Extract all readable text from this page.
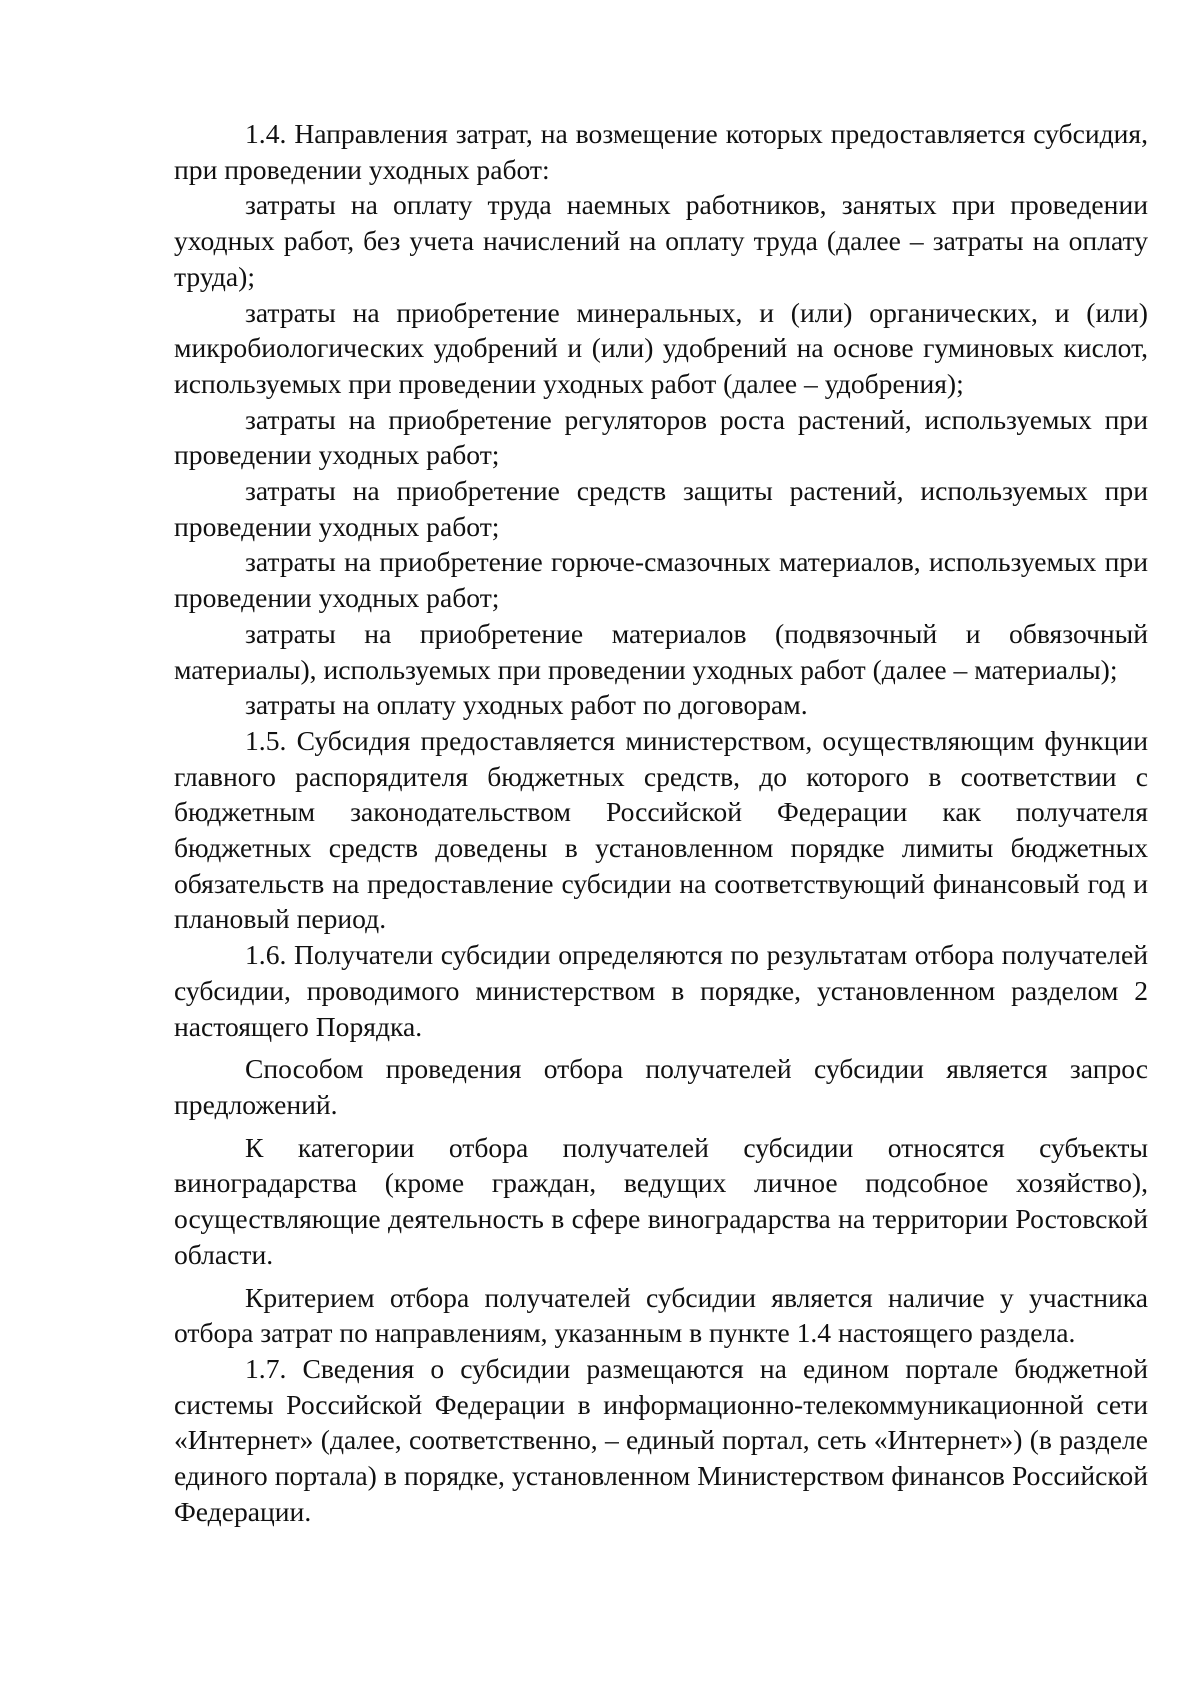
1.4. Направления затрат, на возмещение которых предоставляется субсидия, при проведении уходных работ:

затраты на оплату труда наемных работников, занятых при проведении уходных работ, без учета начислений на оплату труда (далее – затраты на оплату труда);

затраты на приобретение минеральных, и (или) органических, и (или) микробиологических удобрений и (или) удобрений на основе гуминовых кислот, используемых при проведении уходных работ (далее – удобрения);

затраты на приобретение регуляторов роста растений, используемых при проведении уходных работ;

затраты на приобретение средств защиты растений, используемых при проведении уходных работ;

затраты на приобретение горюче-смазочных материалов, используемых при проведении уходных работ;

затраты на приобретение материалов (подвязочный и обвязочный материалы), используемых при проведении уходных работ (далее – материалы);

затраты на оплату уходных работ по договорам.

1.5. Субсидия предоставляется министерством, осуществляющим функции главного распорядителя бюджетных средств, до которого в соответствии с бюджетным законодательством Российской Федерации как получателя бюджетных средств доведены в установленном порядке лимиты бюджетных обязательств на предоставление субсидии на соответствующий финансовый год и плановый период.

1.6. Получатели субсидии определяются по результатам отбора получателей субсидии, проводимого министерством в порядке, установленном разделом 2 настоящего Порядка.

Способом проведения отбора получателей субсидии является запрос предложений.

К категории отбора получателей субсидии относятся субъекты виноградарства (кроме граждан, ведущих личное подсобное хозяйство), осуществляющие деятельность в сфере виноградарства на территории Ростовской области.

Критерием отбора получателей субсидии является наличие у участника отбора затрат по направлениям, указанным в пункте 1.4 настоящего раздела.

1.7. Сведения о субсидии размещаются на едином портале бюджетной системы Российской Федерации в информационно-телекоммуникационной сети «Интернет» (далее, соответственно, – единый портал, сеть «Интернет») (в разделе единого портала) в порядке, установленном Министерством финансов Российской Федерации.
